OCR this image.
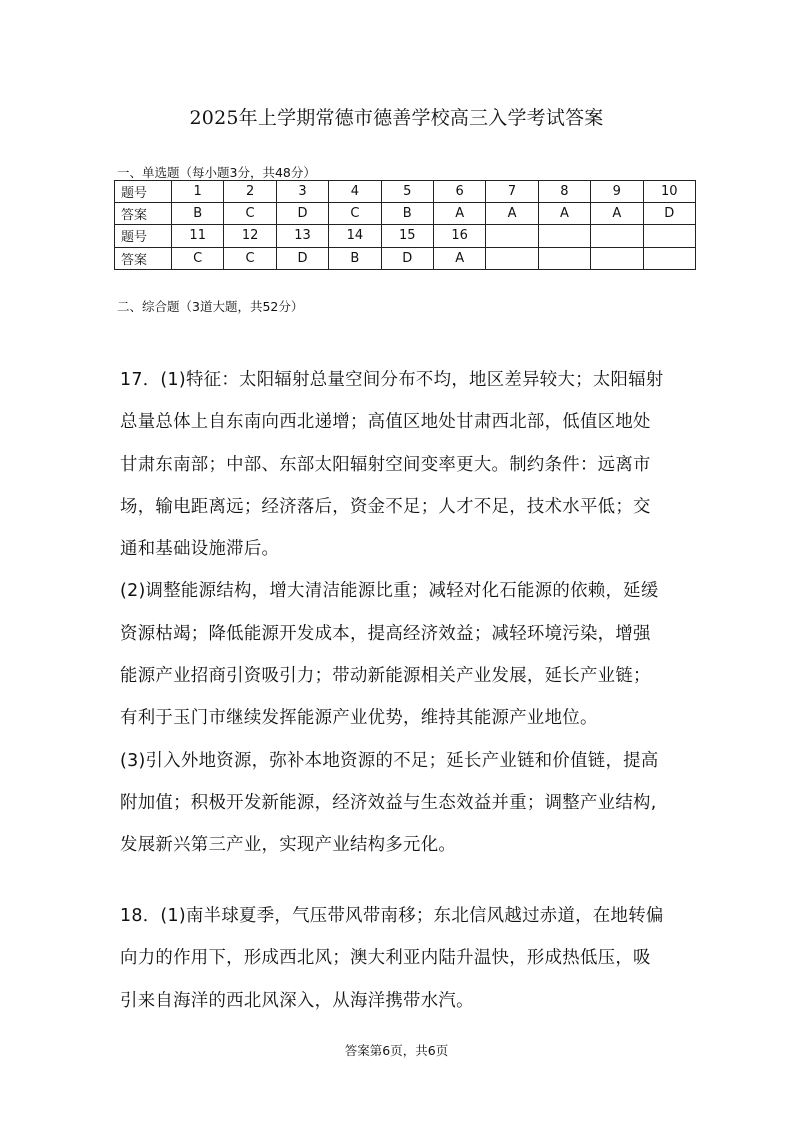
2025年上学期常德市德善学校高三入学考试答案
一、单选题（每小题3分，共48分）
题号	1	2	3	4	5	6	7	8	9	10
答案	B	C	D	C	B	A	A	A	A	D
题号	11	12	13	14	15	16				
答案	C	C	D	B	D	A				
二、综合题（3道大题，共52分）
17．(1)特征：太阳辐射总量空间分布不均，地区差异较大；太阳辐射
总量总体上自东南向西北递增；高值区地处甘肃西北部，低值区地处
甘肃东南部；中部、东部太阳辐射空间变率更大。制约条件：远离市
场，输电距离远；经济落后，资金不足；人才不足，技术水平低；交
通和基础设施滞后。
(2)调整能源结构，增大清洁能源比重；减轻对化石能源的依赖，延缓
资源枯竭；降低能源开发成本，提高经济效益；减轻环境污染，增强
能源产业招商引资吸引力；带动新能源相关产业发展，延长产业链；
有利于玉门市继续发挥能源产业优势，维持其能源产业地位。
(3)引入外地资源，弥补本地资源的不足；延长产业链和价值链，提高
附加值；积极开发新能源，经济效益与生态效益并重；调整产业结构,
发展新兴第三产业，实现产业结构多元化。
18．(1)南半球夏季，气压带风带南移；东北信风越过赤道，在地转偏
向力的作用下，形成西北风；澳大利亚内陆升温快，形成热低压，吸
引来自海洋的西北风深入，从海洋携带水汽。
答案第6页，共6页
